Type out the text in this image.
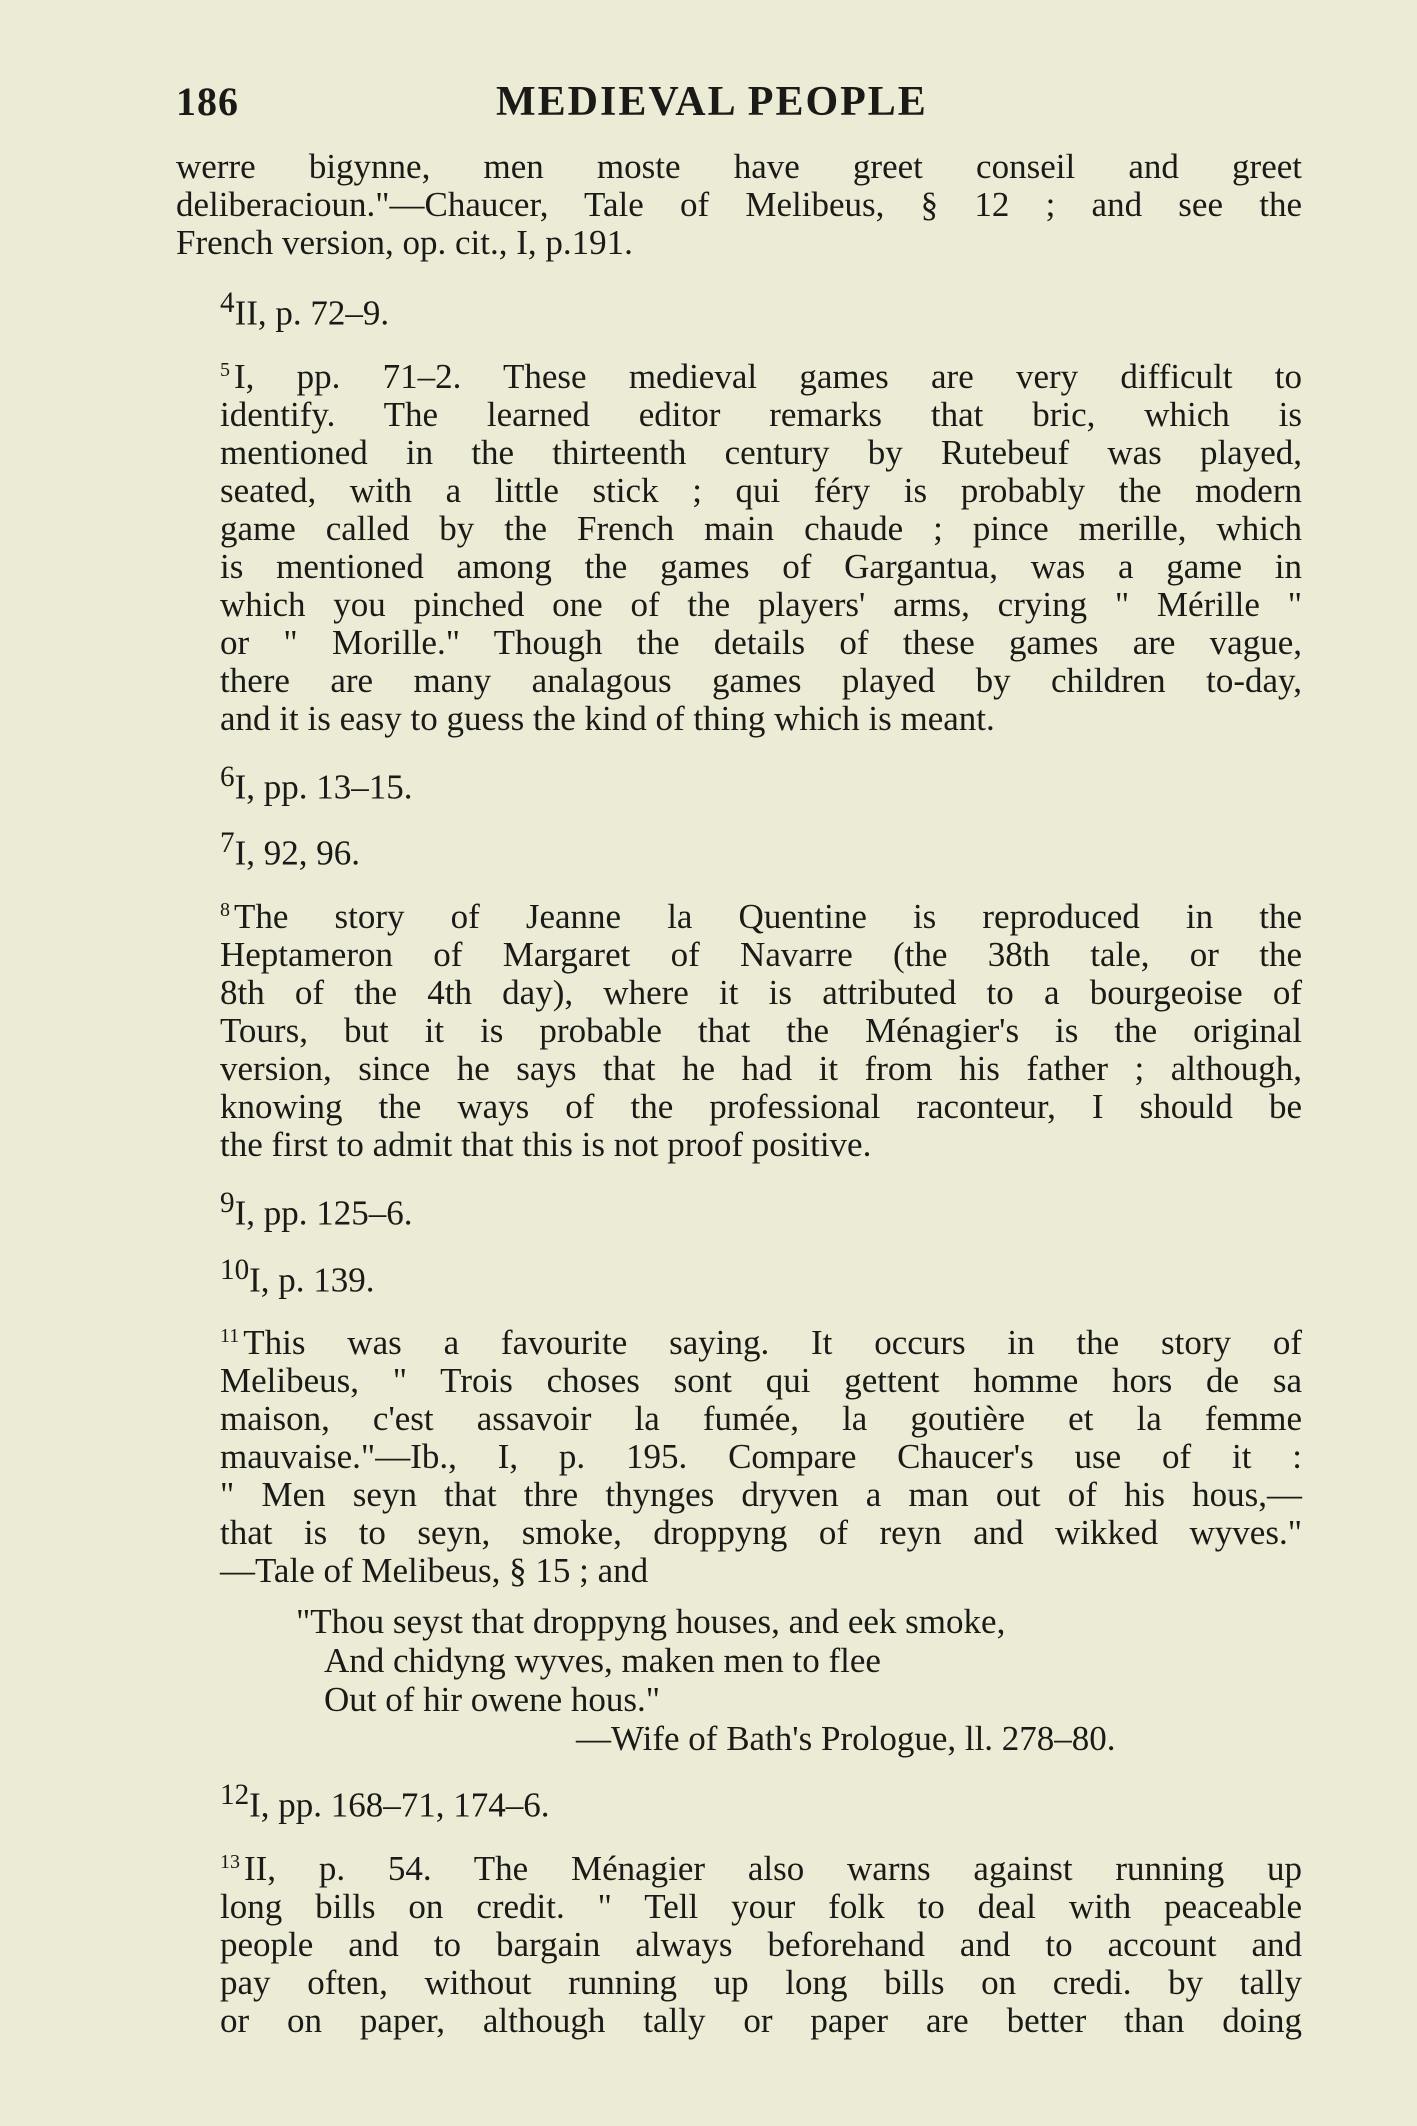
186	MEDIEVAL PEOPLE
werre bigynne, men moste have greet conseil and greet
deliberacioun."—Chaucer, Tale of Melibeus, § 12 ; and see the
French version, op. cit., I, p.191.
$^4$II, p. 72–9.
$^5$ I, pp. 71–2. These medieval games are very difficult to
identify. The learned editor remarks that bric, which is
mentioned in the thirteenth century by Rutebeuf was played,
seated, with a little stick ; qui féry is probably the modern
game called by the French main chaude ; pince merille, which
is mentioned among the games of Gargantua, was a game in
which you pinched one of the players' arms, crying " Mérille "
or " Morille." Though the details of these games are vague,
there are many analagous games played by children to-day,
and it is easy to guess the kind of thing which is meant.
$^6$I, pp. 13–15.
$^7$I, 92, 96.
$^8$ The story of Jeanne la Quentine is reproduced in the
Heptameron of Margaret of Navarre (the 38th tale, or the
8th of the 4th day), where it is attributed to a bourgeoise of
Tours, but it is probable that the Ménagier's is the original
version, since he says that he had it from his father ; although,
knowing the ways of the professional raconteur, I should be
the first to admit that this is not proof positive.
$^9$I, pp. 125–6.
$^{10}$I, p. 139.
$^{11}$ This was a favourite saying. It occurs in the story of
Melibeus, " Trois choses sont qui gettent homme hors de sa
maison, c'est assavoir la fumée, la goutière et la femme
mauvaise."—Ib., I, p. 195. Compare Chaucer's use of it :
" Men seyn that thre thynges dryven a man out of his hous,—
that is to seyn, smoke, droppyng of reyn and wikked wyves."
—Tale of Melibeus, § 15 ; and
"Thou seyst that droppyng houses, and eek smoke,
And chidyng wyves, maken men to flee
Out of hir owene hous."
—Wife of Bath's Prologue, ll. 278–80.
$^{12}$I, pp. 168–71, 174–6.
$^{13}$ II, p. 54. The Ménagier also warns against running up
long bills on credit. " Tell your folk to deal with peaceable
people and to bargain always beforehand and to account and
pay often, without running up long bills on credi. by tally
or on paper, although tally or paper are better than doing
